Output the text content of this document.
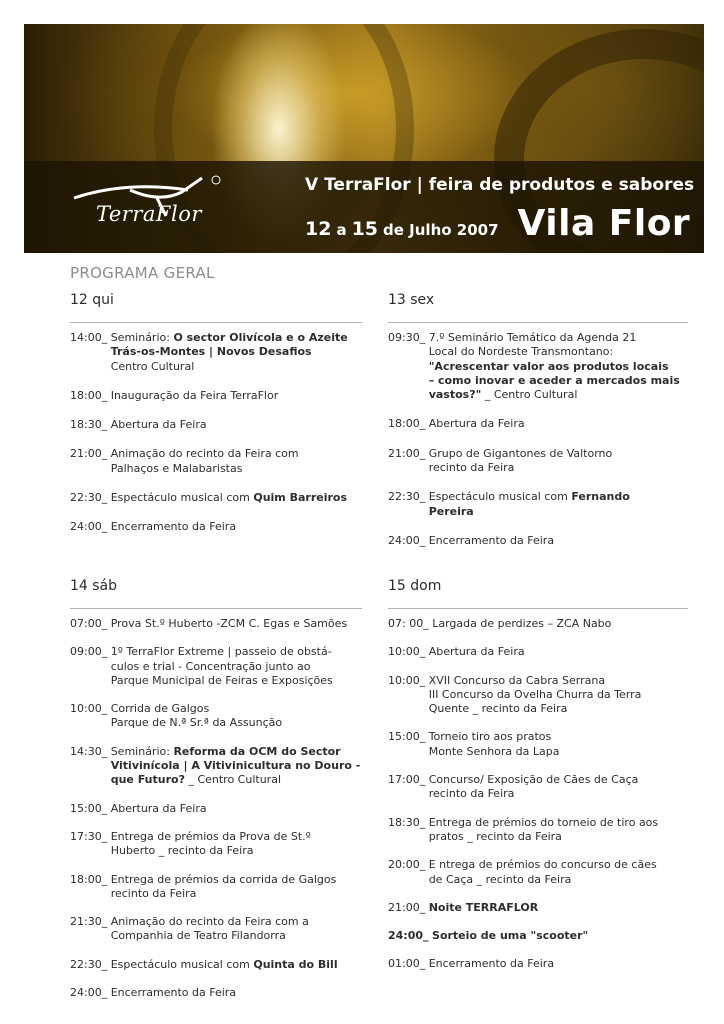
TerraFlor
V TerraFlor | feira de produtos e sabores
12 a 15 de Julho 2007 Vila Flor
PROGRAMA GERAL
12 qui
14:00_ Seminário: O sector Olivícola e o Azeite
Trás-os-Montes | Novos Desafios
Centro Cultural
18:00_ Inauguração da Feira TerraFlor
18:30_ Abertura da Feira
21:00_ Animação do recinto da Feira com
Palhaços e Malabaristas
22:30_ Espectáculo musical com Quim Barreiros
24:00_ Encerramento da Feira
13 sex
09:30_ 7.º Seminário Temático da Agenda 21
Local do Nordeste Transmontano:
"Acrescentar valor aos produtos locais
– como inovar e aceder a mercados mais
vastos?" _ Centro Cultural
18:00_ Abertura da Feira
21:00_ Grupo de Gigantones de Valtorno
recinto da Feira
22:30_ Espectáculo musical com Fernando
Pereira
24:00_ Encerramento da Feira
14 sáb
07:00_ Prova St.º Huberto -ZCM C. Egas e Samões
09:00_ 1º TerraFlor Extreme | passeio de obstá-
culos e trial - Concentração junto ao
Parque Municipal de Feiras e Exposições
10:00_ Corrida de Galgos
Parque de N.ª Sr.ª da Assunção
14:30_ Seminário: Reforma da OCM do Sector
Vitivinícola | A Vitivinicultura no Douro -
que Futuro? _ Centro Cultural
15:00_ Abertura da Feira
17:30_ Entrega de prémios da Prova de St.º
Huberto _ recinto da Feira
18:00_ Entrega de prémios da corrida de Galgos
recinto da Feira
21:30_ Animação do recinto da Feira com a
Companhia de Teatro Filandorra
22:30_ Espectáculo musical com Quinta do Bill
24:00_ Encerramento da Feira
15 dom
07: 00_ Largada de perdizes – ZCA Nabo
10:00_ Abertura da Feira
10:00_ XVII Concurso da Cabra Serrana
III Concurso da Ovelha Churra da Terra
Quente _ recinto da Feira
15:00_ Torneio tiro aos pratos
Monte Senhora da Lapa
17:00_ Concurso/ Exposição de Cães de Caça
recinto da Feira
18:30_ Entrega de prémios do torneio de tiro aos
pratos _ recinto da Feira
20:00_ E ntrega de prémios do concurso de cães
de Caça _ recinto da Feira
21:00_ Noite TERRAFLOR
24:00_ Sorteio de uma "scooter"
01:00_ Encerramento da Feira
